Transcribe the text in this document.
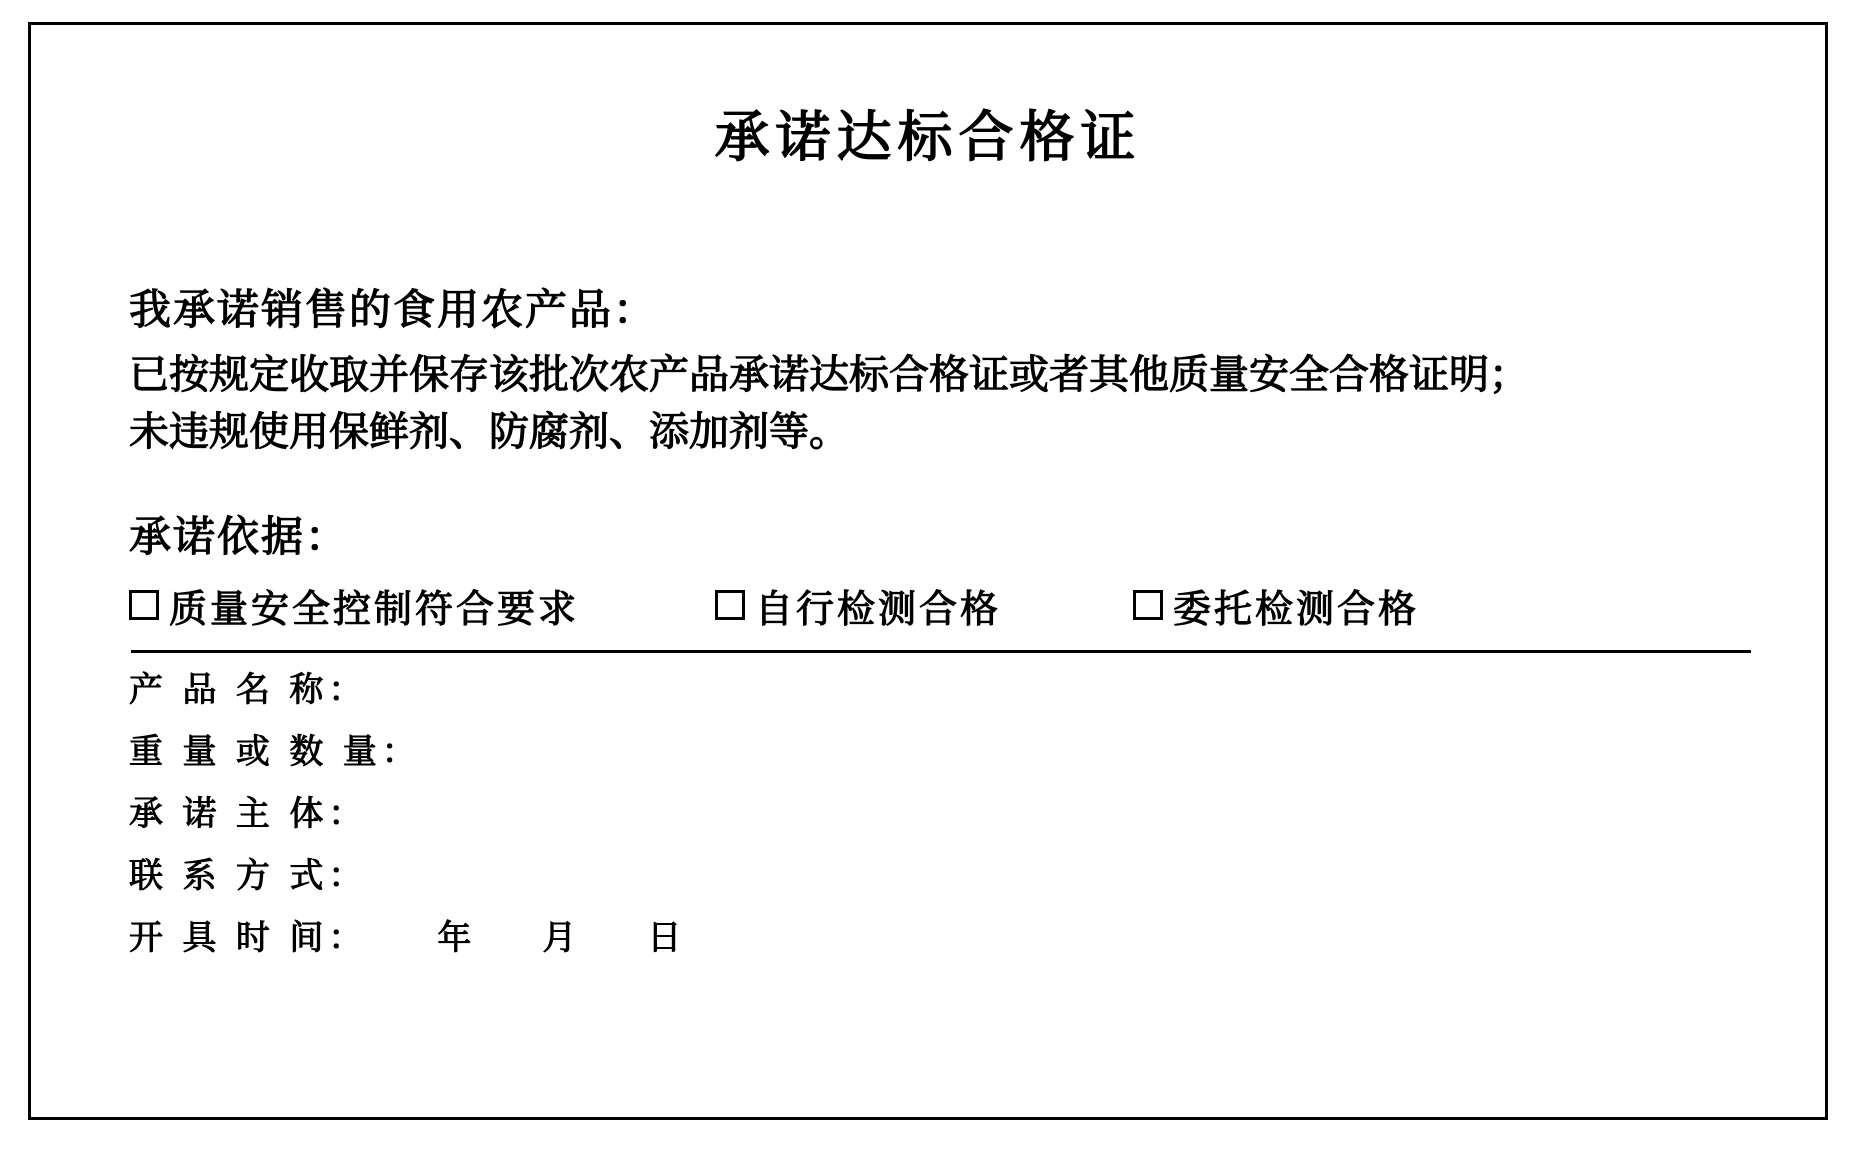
承诺达标合格证

我承诺销售的食用农产品：

已按规定收取并保存该批次农产品承诺达标合格证或者其他质量安全合格证明；

未违规使用保鲜剂、防腐剂、添加剂等。

承诺依据：

质量安全控制符合要求	自行检测合格	委托检测合格

产 品 名 称：

重 量 或 数 量：

承 诺 主 体：

联 系 方 式：

开 具 时 间： 年 月 日
